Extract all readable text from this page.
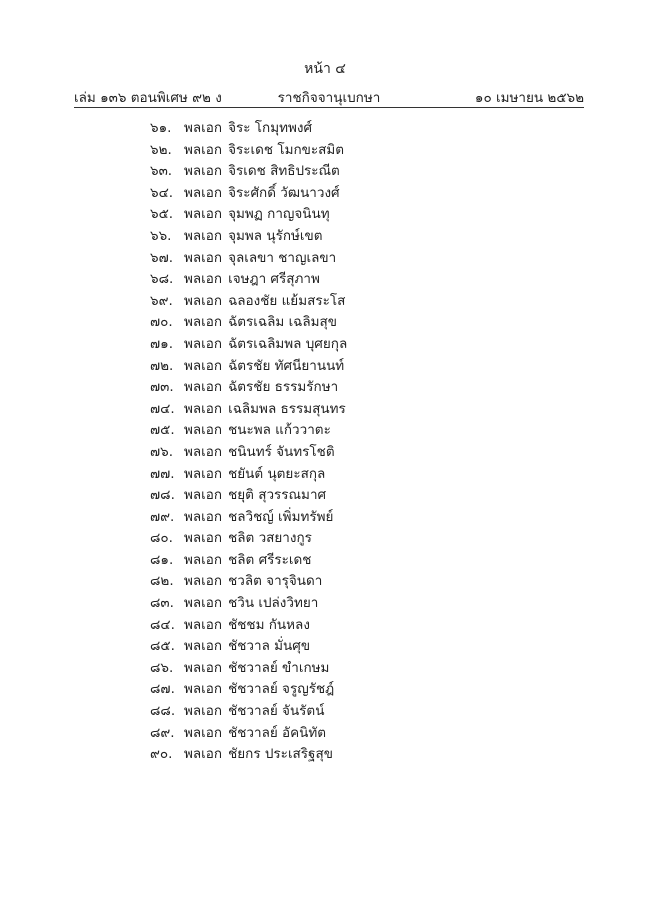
หน้า ๔
เล่ม ๑๓๖ ตอนพิเศษ ๙๒ ง	ราชกิจจานุเบกษา	๑๐ เมษายน ๒๕๖๒
๖๑. พลเอก จิระ โกมุทพงศ์
๖๒. พลเอก จิระเดช โมกขะสมิต
๖๓. พลเอก จิรเดช สิทธิประณีต
๖๔. พลเอก จิระศักดิ์ วัฒนาวงศ์
๖๕. พลเอก จุมพฏ กาญจนินทุ
๖๖. พลเอก จุมพล นุรักษ์เขต
๖๗. พลเอก จุลเลขา ชาญเลขา
๖๘. พลเอก เจษฎา ศรีสุภาพ
๖๙. พลเอก ฉลองชัย แย้มสระโส
๗๐. พลเอก ฉัตรเฉลิม เฉลิมสุข
๗๑. พลเอก ฉัตรเฉลิมพล บุศยกุล
๗๒. พลเอก ฉัตรชัย ทัศนียานนท์
๗๓. พลเอก ฉัตรชัย ธรรมรักษา
๗๔. พลเอก เฉลิมพล ธรรมสุนทร
๗๕. พลเอก ชนะพล แก้ววาตะ
๗๖. พลเอก ชนินทร์ จันทรโชติ
๗๗. พลเอก ชยันต์ นุตยะสกุล
๗๘. พลเอก ชยุติ สุวรรณมาศ
๗๙. พลเอก ชลวิชญ์ เพิ่มทรัพย์
๘๐. พลเอก ชลิต วสยางกูร
๘๑. พลเอก ชลิต ศรีระเดช
๘๒. พลเอก ชวลิต จารุจินดา
๘๓. พลเอก ชวิน เปล่งวิทยา
๘๔. พลเอก ชัชชม กันหลง
๘๕. พลเอก ชัชวาล มั่นศุข
๘๖. พลเอก ชัชวาลย์ ขำเกษม
๘๗. พลเอก ชัชวาลย์ จรูญรัชฎ์
๘๘. พลเอก ชัชวาลย์ จันรัตน์
๘๙. พลเอก ชัชวาลย์ อัคนิทัต
๙๐. พลเอก ชัยกร ประเสริฐสุข
